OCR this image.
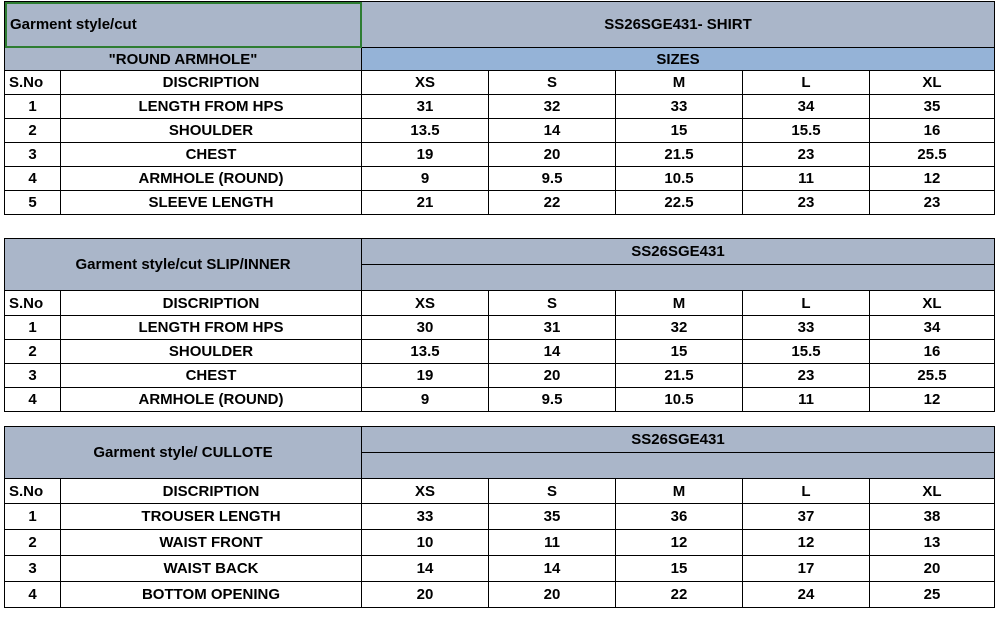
Garment style/cut		SS26SGE431- SHIRT				
"ROUND ARMHOLE"		SIZES				
S.No	DISCRIPTION	XS	S	M	L	XL
1	LENGTH FROM HPS	31	32	33	34	35
2	SHOULDER	13.5	14	15	15.5	16
3	CHEST	19	20	21.5	23	25.5
4	ARMHOLE (ROUND)	9	9.5	10.5	11	12
5	SLEEVE LENGTH	21	22	22.5	23	23
Garment style/cut SLIP/INNER		SS26SGE431				

S.No	DISCRIPTION	XS	S	M	L	XL
1	LENGTH FROM HPS	30	31	32	33	34
2	SHOULDER	13.5	14	15	15.5	16
3	CHEST	19	20	21.5	23	25.5
4	ARMHOLE (ROUND)	9	9.5	10.5	11	12
Garment style/ CULLOTE		SS26SGE431				

S.No	DISCRIPTION	XS	S	M	L	XL
1	TROUSER LENGTH	33	35	36	37	38
2	WAIST FRONT	10	11	12	12	13
3	WAIST BACK	14	14	15	17	20
4	BOTTOM OPENING	20	20	22	24	25
